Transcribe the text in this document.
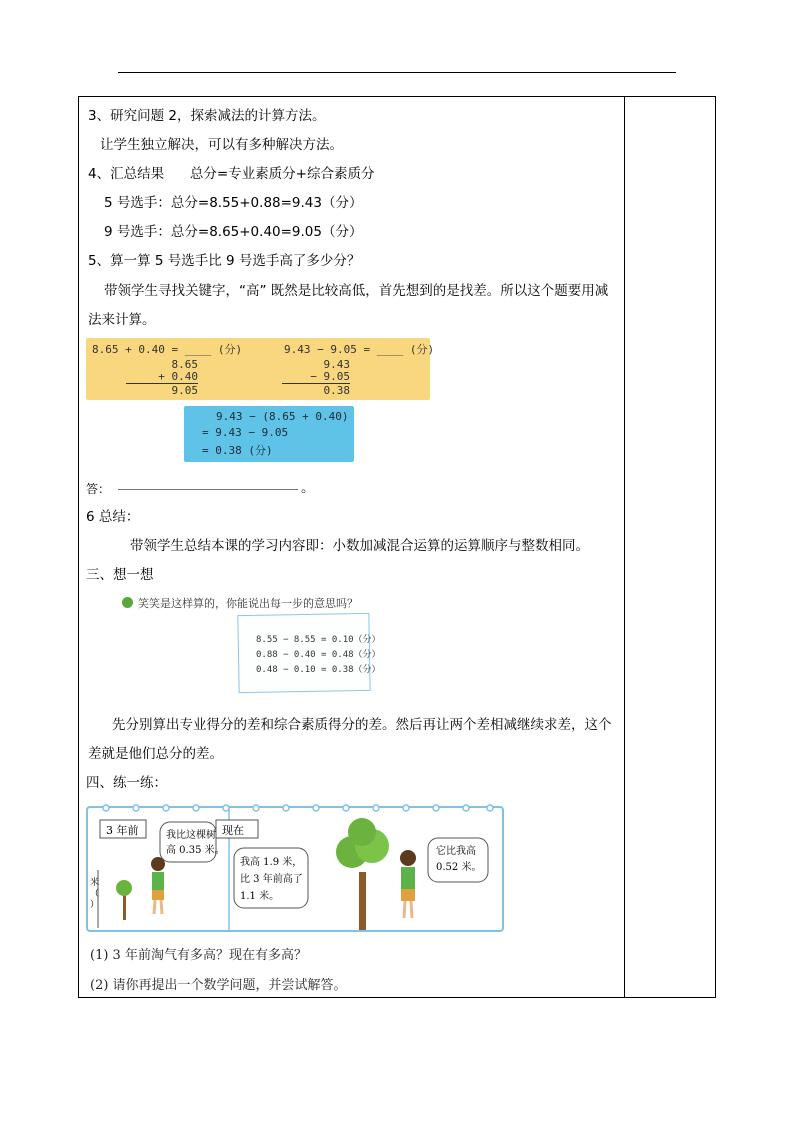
3、研究问题 2，探索减法的计算方法。
让学生独立解决，可以有多种解决方法。
4、汇总结果      总分=专业素质分+综合素质分
5 号选手：总分=8.55+0.88=9.43（分）
9 号选手：总分=8.65+0.40=9.05（分）
5、算一算 5 号选手比 9 号选手高了多少分？
带领学生寻找关键字，“高” 既然是比较高低，首先想到的是找差。所以这个题要用减法来计算。
8.65 + 0.40 = ____ (分)	9.43 − 9.05 = ____ (分)
8.65
+ 0.40
9.05
9.43
− 9.05
0.38
9.43 − (8.65 + 0.40)
= 9.43 − 9.05
= 0.38 (分)
答：	。
6 总结：
带领学生总结本课的学习内容即：小数加减混合运算的运算顺序与整数相同。
三、想一想
笑笑是这样算的，你能说出每一步的意思吗？
8.55 − 8.55 = 0.10（分）
0.88 − 0.40 = 0.48（分）
0.48 − 0.10 = 0.38（分）
先分别算出专业得分的差和综合素质得分的差。然后再让两个差相减继续求差，这个差就是他们总分的差。
四、练一练：
3 年前	现在
我比这棵树
高 0.35 米。
我高 1.9 米，
比 3 年前高了
1.1 米。
它比我高
0.52 米。
米（ ）
(1) 3 年前淘气有多高？现在有多高？
(2) 请你再提出一个数学问题，并尝试解答。
